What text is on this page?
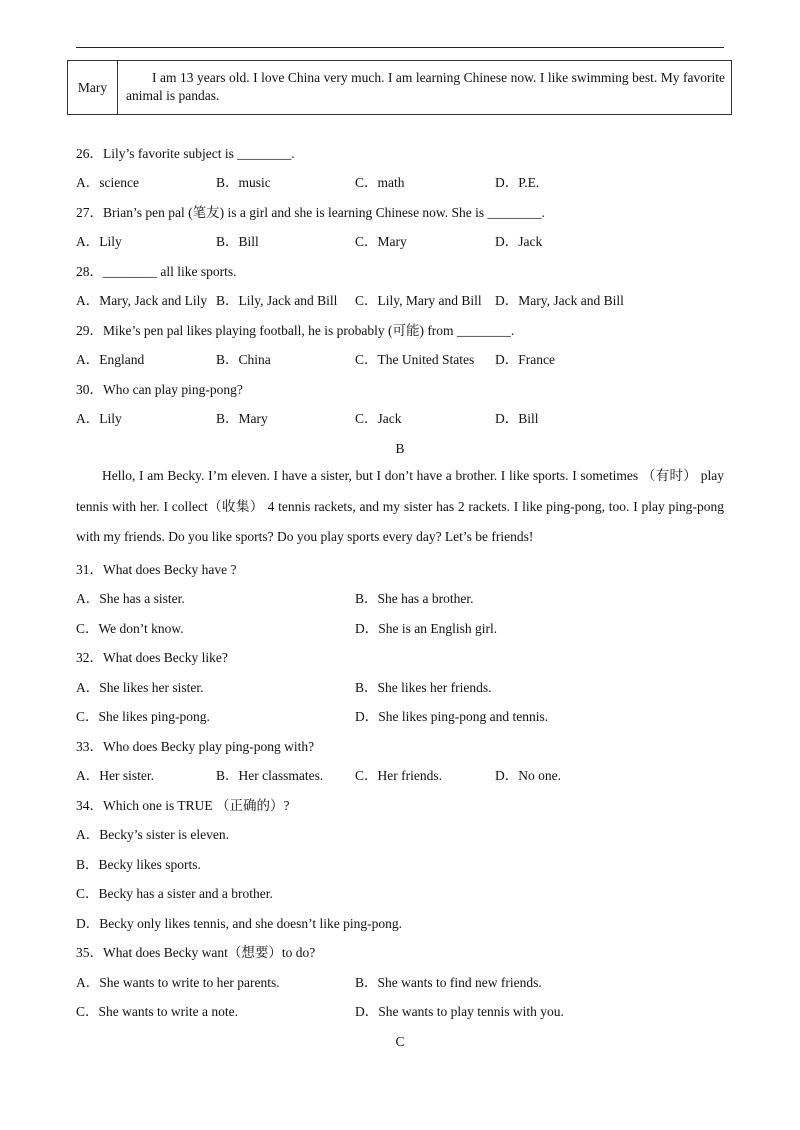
Mary	I am 13 years old. I love China very much. I am learning Chinese now. I like swimming best. My favorite animal is pandas.
26．Lily’s favorite subject is ________.
A．science	B．music	C．math	D．P.E.
27．Brian’s pen pal (笔友) is a girl and she is learning Chinese now. She is ________.
A．Lily	B．Bill	C．Mary	D．Jack
28．________ all like sports.
A．Mary, Jack and Lily B．Lily, Jack and Bill C．Lily, Mary and Bill D．Mary, Jack and Bill
29．Mike’s pen pal likes playing football, he is probably (可能) from ________.
A．England	B．China	C．The United States D．France
30．Who can play ping-pong?
A．Lily	B．Mary	C．Jack	D．Bill
B
Hello, I am Becky. I’m eleven. I have a sister, but I don’t have a brother. I like sports. I sometimes （有时） play tennis with her. I collect（收集） 4 tennis rackets, and my sister has 2 rackets. I like ping-pong, too. I play ping-pong with my friends. Do you like sports? Do you play sports every day? Let’s be friends!
31．What does Becky have ?
A．She has a sister.	B．She has a brother.
C．We don’t know.	D．She is an English girl.
32．What does Becky like?
A．She likes her sister.	B．She likes her friends.
C．She likes ping-pong.	D．She likes ping-pong and tennis.
33．Who does Becky play ping-pong with?
A．Her sister.	B．Her classmates. C．Her friends.	D．No one.
34．Which one is TRUE （正确的）?
A．Becky’s sister is eleven.
B．Becky likes sports.
C．Becky has a sister and a brother.
D．Becky only likes tennis, and she doesn’t like ping-pong.
35．What does Becky want（想要）to do?
A．She wants to write to her parents.	B．She wants to find new friends.
C．She wants to write a note.	D．She wants to play tennis with you.
C
